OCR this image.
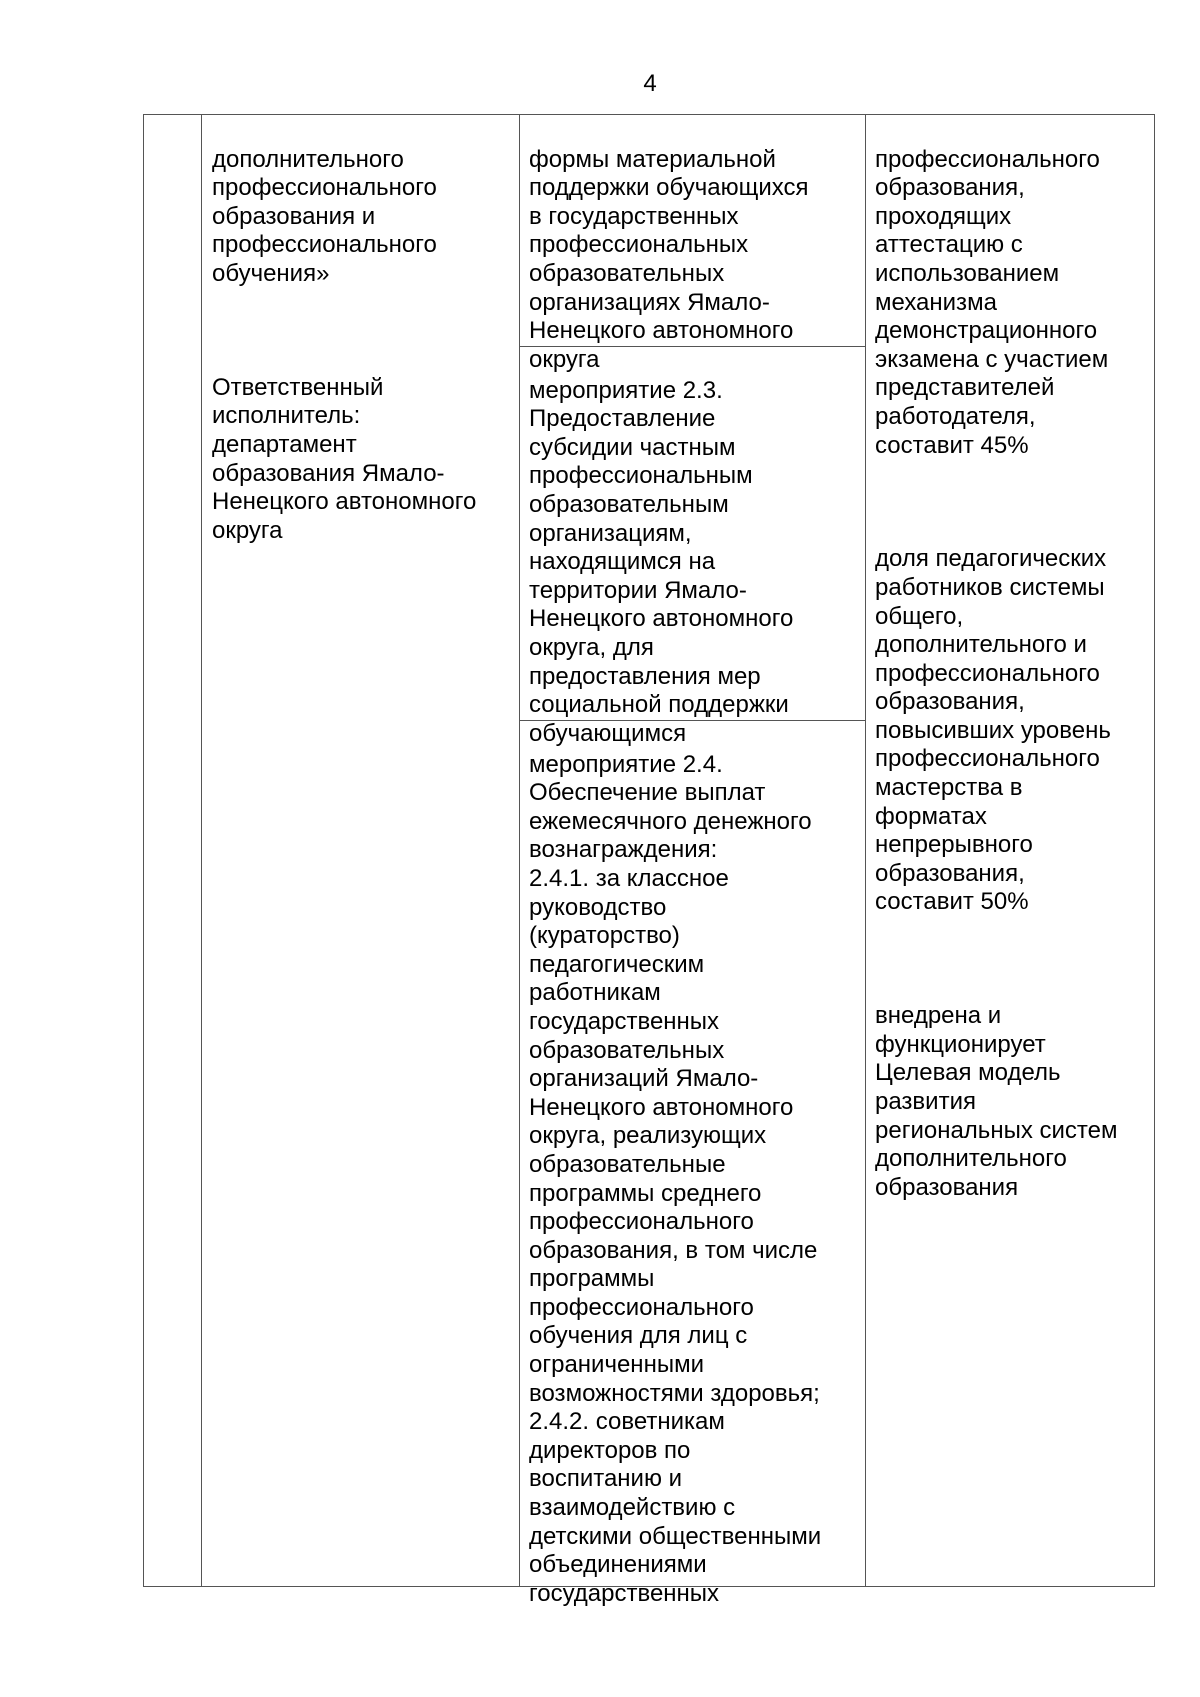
4

дополнительного
профессионального
образования и
профессионального
обучения»

Ответственный
исполнитель:
департамент
образования Ямало-
Ненецкого автономного
округа

формы материальной
поддержки обучающихся
в государственных
профессиональных
образовательных
организациях Ямало-
Ненецкого автономного
округа

мероприятие 2.3.
Предоставление
субсидии частным
профессиональным
образовательным
организациям,
находящимся на
территории Ямало-
Ненецкого автономного
округа, для
предоставления мер
социальной поддержки
обучающимся

мероприятие 2.4.
Обеспечение выплат
ежемесячного денежного
вознаграждения:
2.4.1. за классное
руководство
(кураторство)
педагогическим
работникам
государственных
образовательных
организаций Ямало-
Ненецкого автономного
округа, реализующих
образовательные
программы среднего
профессионального
образования, в том числе
программы
профессионального
обучения для лиц с
ограниченными
возможностями здоровья;
2.4.2. советникам
директоров по
воспитанию и
взаимодействию с
детскими общественными
объединениями
государственных

профессионального
образования,
проходящих
аттестацию с
использованием
механизма
демонстрационного
экзамена с участием
представителей
работодателя,
составит 45%

доля педагогических
работников системы
общего,
дополнительного и
профессионального
образования,
повысивших уровень
профессионального
мастерства в
форматах
непрерывного
образования,
составит 50%

внедрена и
функционирует
Целевая модель
развития
региональных систем
дополнительного
образования
